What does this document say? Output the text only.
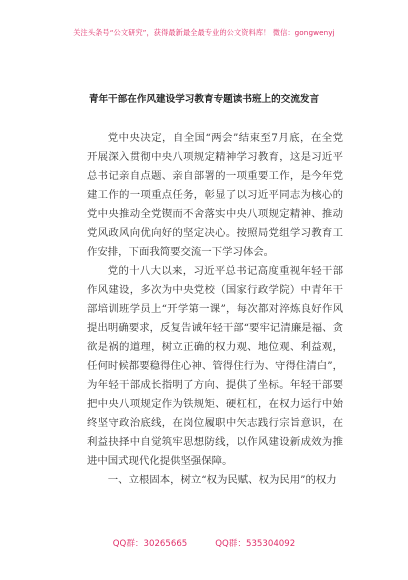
关注头条号“公文研究”，获得最新最全最专业的公文资料库！ 微信：gongwenyj
青年干部在作风建设学习教育专题读书班上的交流发言

党中央决定，自全国“两会”结束至7月底，在全党开展深入贯彻中央八项规定精神学习教育，这是习近平总书记亲自点题、亲自部署的一项重要工作，是今年党建工作的一项重点任务，彰显了以习近平同志为核心的党中央推动全党锲而不舍落实中央八项规定精神、推动党风政风向优向好的坚定决心。按照局党组学习教育工作安排，下面我简要交流一下学习体会。

党的十八大以来，习近平总书记高度重视年轻干部作风建设，多次为中央党校（国家行政学院）中青年干部培训班学员上“开学第一课”，每次都对淬炼良好作风提出明确要求，反复告诫年轻干部“要牢记清廉是福、贪欲是祸的道理，树立正确的权力观、地位观、利益观，任何时候都要稳得住心神、管得住行为、守得住清白”，为年轻干部成长指明了方向、提供了坐标。年轻干部要把中央八项规定作为铁规矩、硬杠杠，在权力运行中始终坚守政治底线，在岗位履职中矢志践行宗旨意识，在利益抉择中自觉筑牢思想防线，以作风建设新成效为推进中国式现代化提供坚强保障。

一、立根固本，树立“权为民赋、权为民用”的权力

QQ群：30265665	QQ群：535304092
